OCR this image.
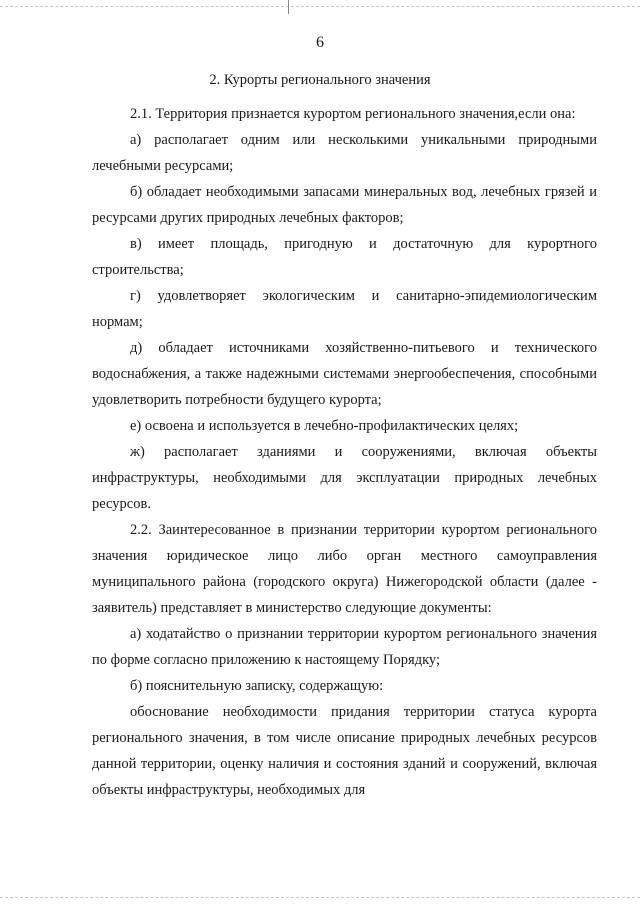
6
2. Курорты регионального значения

2.1. Территория признается курортом регионального значения,если она:

а) располагает одним или несколькими уникальными природными лечебными ресурсами;

б) обладает необходимыми запасами минеральных вод, лечебных грязей и ресурсами других природных лечебных факторов;

в) имеет площадь, пригодную и достаточную для курортного строительства;

г) удовлетворяет экологическим и санитарно-эпидемиологическим нормам;

д) обладает источниками хозяйственно-питьевого и технического водоснабжения, а также надежными системами энергообеспечения, способными удовлетворить потребности будущего курорта;

е) освоена и используется в лечебно-профилактических целях;

ж) располагает зданиями и сооружениями, включая объекты инфраструктуры, необходимыми для эксплуатации природных лечебных ресурсов.

2.2. Заинтересованное в признании территории курортом регионального значения юридическое лицо либо орган местного самоуправления муниципального района (городского округа) Нижегородской области (далее - заявитель) представляет в министерство следующие документы:

а) ходатайство о признании территории курортом регионального значения по форме согласно приложению к настоящему Порядку;

б) пояснительную записку, содержащую:

обоснование необходимости придания территории статуса курорта регионального значения, в том числе описание природных лечебных ресурсов данной территории, оценку наличия и состояния зданий и сооружений, включая объекты инфраструктуры, необходимых для
